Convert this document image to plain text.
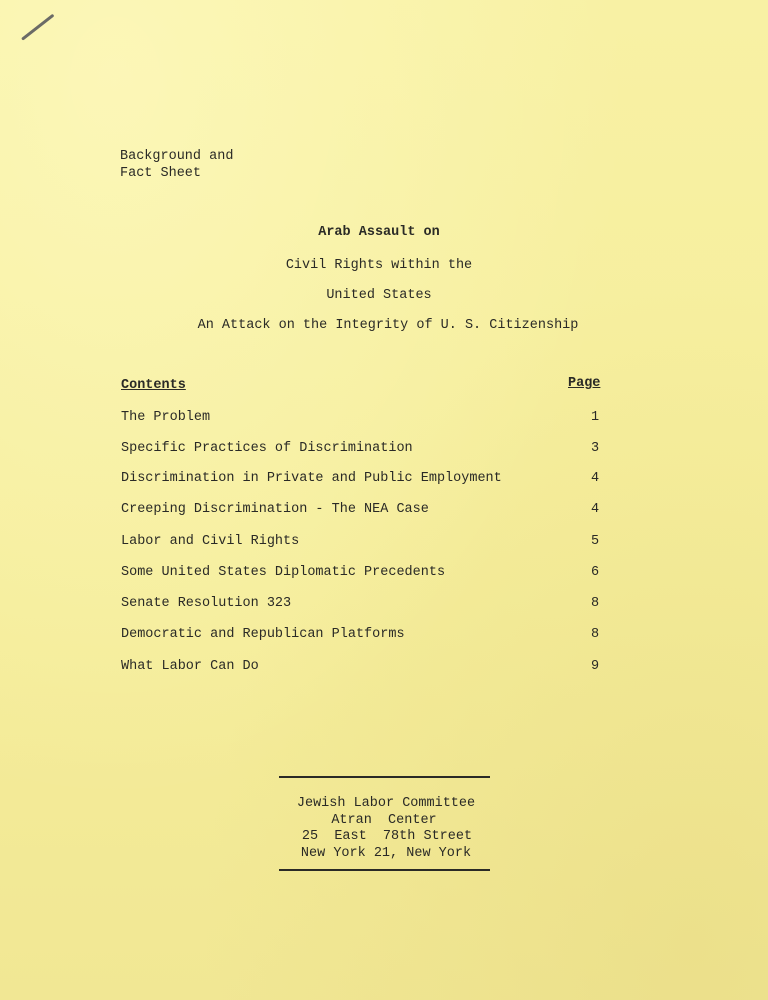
Background and
Fact Sheet
Arab Assault on
Civil Rights within the
United States
An Attack on the Integrity of U. S. Citizenship
Contents	Page
The Problem	1
Specific Practices of Discrimination	3
Discrimination in Private and Public Employment	4
Creeping Discrimination - The NEA Case	4
Labor and Civil Rights	5
Some United States Diplomatic Precedents	6
Senate Resolution 323	8
Democratic and Republican Platforms	8
What Labor Can Do	9
Jewish Labor Committee
Atran  Center
25  East  78th Street
New York 21, New York
